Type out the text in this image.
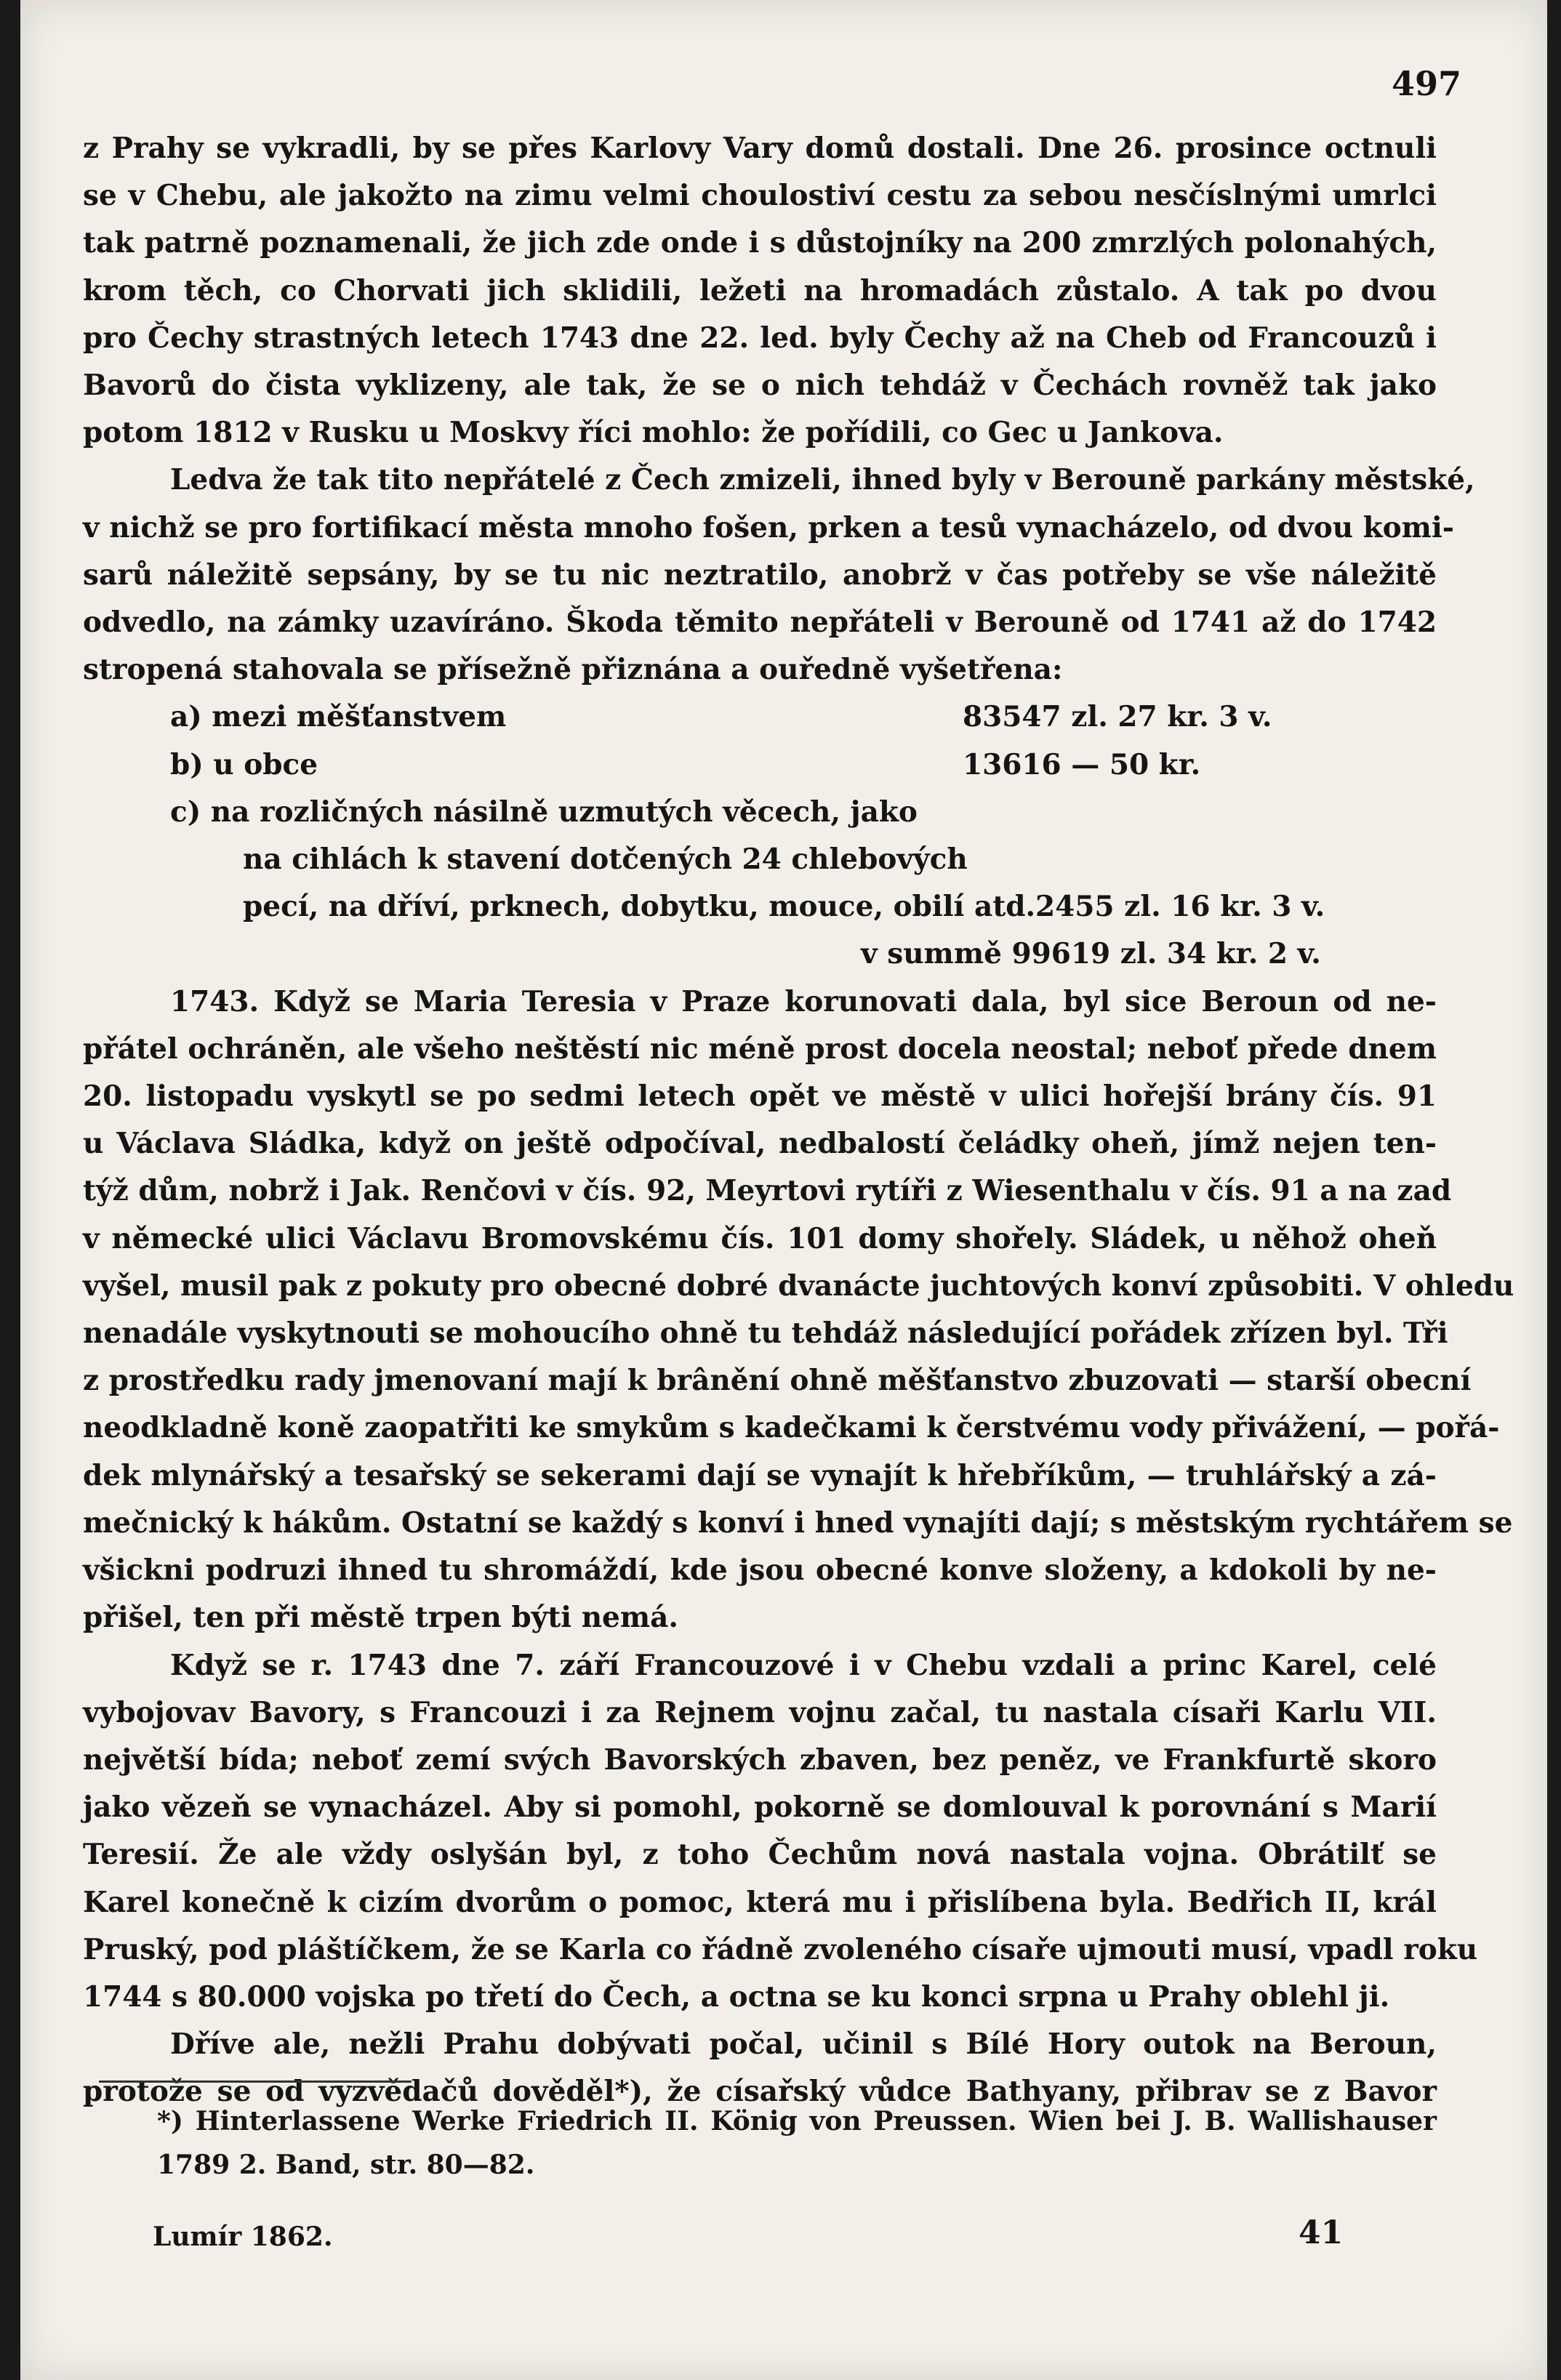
497

z Prahy se vykradli, by se přes Karlovy Vary domů dostali. Dne 26. prosince octnuli
se v Chebu, ale jakožto na zimu velmi choulostiví cestu za sebou nesčíslnými umrlci
tak patrně poznamenali, že jich zde onde i s důstojníky na 200 zmrzlých polonahých,
krom těch, co Chorvati jich sklidili, ležeti na hromadách zůstalo. A tak po dvou
pro Čechy strastných letech 1743 dne 22. led. byly Čechy až na Cheb od Francouzů i
Bavorů do čista vyklizeny, ale tak, že se o nich tehdáž v Čechách rovněž tak jako
potom 1812 v Rusku u Moskvy říci mohlo: že pořídili, co Gec u Jankova.

Ledva že tak tito nepřátelé z Čech zmizeli, ihned byly v Berouně parkány městské,
v nichž se pro fortifikací města mnoho fošen, prken a tesů vynacházelo, od dvou komi-
sarů náležitě sepsány, by se tu nic neztratilo, anobrž v čas potřeby se vše náležitě
odvedlo, na zámky uzavíráno. Škoda těmito nepřáteli v Berouně od 1741 až do 1742
stropená stahovala se přísežně přiznána a ouředně vyšetřena:

a) mezi měšťanstvem	83547 zl. 27 kr. 3 v.
b) u obce	13616 — 50 kr.
c) na rozličných násilně uzmutých věcech, jako
na cihlách k stavení dotčených 24 chlebových
pecí, na dříví, prknech, dobytku, mouce, obilí atd. 2455 zl. 16 kr. 3 v.
v summě 99619 zl. 34 kr. 2 v.

1743. Když se Maria Teresia v Praze korunovati dala, byl sice Beroun od ne-
přátel ochráněn, ale všeho neštěstí nic méně prost docela neostal; neboť přede dnem
20. listopadu vyskytl se po sedmi letech opět ve městě v ulici hořejší brány čís. 91
u Václava Sládka, když on ještě odpočíval, nedbalostí čeládky oheň, jímž nejen ten-
týž dům, nobrž i Jak. Renčovi v čís. 92, Meyrtovi rytíři z Wiesenthalu v čís. 91 a na zad
v německé ulici Václavu Bromovskému čís. 101 domy shořely. Sládek, u něhož oheň
vyšel, musil pak z pokuty pro obecné dobré dvanácte juchtových konví způsobiti. V ohledu
nenadále vyskytnouti se mohoucího ohně tu tehdáž následující pořádek zřízen byl. Tři
z prostředku rady jmenovaní mají k brânění ohně měšťanstvo zbuzovati — starší obecní
neodkladně koně zaopatřiti ke smykům s kadečkami k čerstvému vody přivážení, — pořá-
dek mlynářský a tesařský se sekerami dají se vynajít k hřebříkům, — truhlářský a zá-
mečnický k hákům. Ostatní se každý s konví i hned vynajíti dají; s městským rychtářem se
všickni podruzi ihned tu shromáždí, kde jsou obecné konve složeny, a kdokoli by ne-
přišel, ten při městě trpen býti nemá.

Když se r. 1743 dne 7. září Francouzové i v Chebu vzdali a princ Karel, celé
vybojovav Bavory, s Francouzi i za Rejnem vojnu začal, tu nastala císaři Karlu VII.
největší bída; neboť zemí svých Bavorských zbaven, bez peněz, ve Frankfurtě skoro
jako vězeň se vynacházel. Aby si pomohl, pokorně se domlouval k porovnání s Marií
Teresií. Že ale vždy oslyšán byl, z toho Čechům nová nastala vojna. Obrátilť se
Karel konečně k cizím dvorům o pomoc, která mu i přislíbena byla. Bedřich II, král
Pruský, pod pláštíčkem, že se Karla co řádně zvoleného císaře ujmouti musí, vpadl roku
1744 s 80.000 vojska po třetí do Čech, a octna se ku konci srpna u Prahy oblehl ji.

Dříve ale, nežli Prahu dobývati počal, učinil s Bílé Hory outok na Beroun,
protože se od vyzvědačů dověděl*), že císařský vůdce Bathyany, přibrav se z Bavor

*) Hinterlassene Werke Friedrich II. König von Preussen. Wien bei J. B. Wallishauser
1789 2. Band, str. 80—82.
Lumír 1862.	41
